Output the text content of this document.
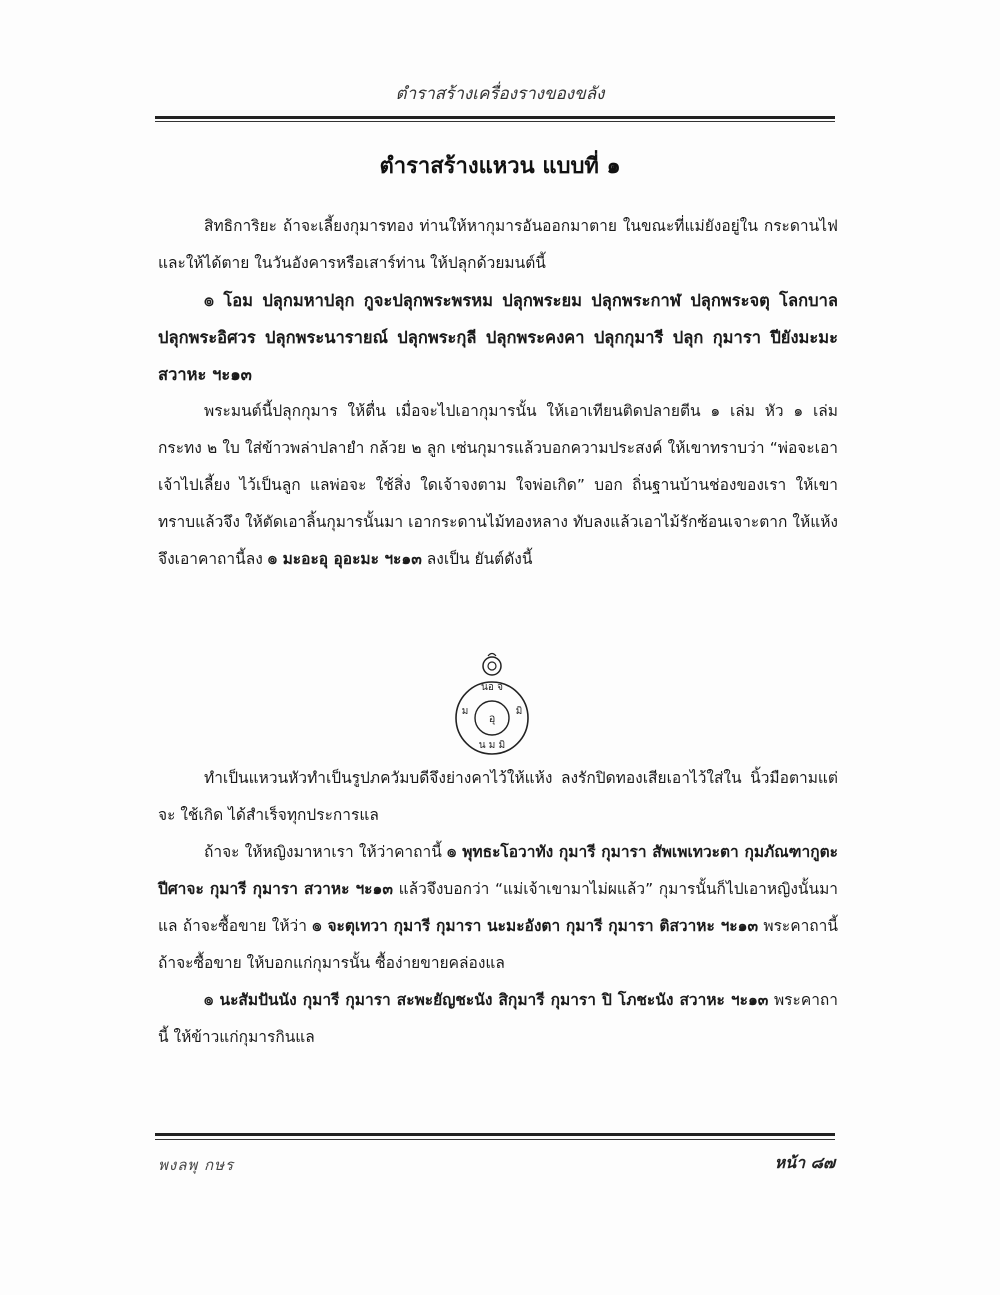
ตำราสร้างเครื่องรางของขลัง
ตำราสร้างแหวน แบบที่ ๑

สิทธิการิยะ ถ้าจะเลี้ยงกุมารทอง ท่านให้หากุมารอันออกมาตาย ในขณะที่แม่ยังอยู่ใน กระดานไฟ และให้ได้ตาย ในวันอังคารหรือเสาร์ท่าน ให้ปลุกด้วยมนต์นี้

๏ โอม ปลุกมหาปลุก กูจะปลุกพระพรหม ปลุกพระยม ปลุกพระกาฬ ปลุกพระจตุ โลกบาล ปลุกพระอิศวร ปลุกพระนารายณ์ ปลุกพระกุลี ปลุกพระคงคา ปลุกกุมารี ปลุก กุมารา ปียังมะมะ สวาหะ ฯะ๑๓

พระมนต์นี้ปลุกกุมาร ให้ตื่น เมื่อจะไปเอากุมารนั้น ให้เอาเทียนติดปลายตีน ๑ เล่ม หัว ๑ เล่ม กระทง ๒ ใบ ใส่ข้าวพล่าปลายำ กล้วย ๒ ลูก เซ่นกุมารแล้วบอกความประสงค์ ให้เขาทราบว่า “พ่อจะเอาเจ้าไปเลี้ยง ไว้เป็นลูก แลพ่อจะ ใช้สิ่ง ใดเจ้าจงตาม ใจพ่อเกิด” บอก ถิ่นฐานบ้านช่องของเรา ให้เขาทราบแล้วจึง ให้ตัดเอาลิ้นกุมารนั้นมา เอากระดานไม้ทองหลาง ทับลงแล้วเอาไม้รักซ้อนเจาะตาก ให้แห้ง จึงเอาคาถานี้ลง ๏ มะอะอุ อุอะมะ ฯะ๑๓ ลงเป็น ยันต์ดังนี้

นอ จ
ม	มิ
อุ
น ม มิ

ทำเป็นแหวนหัวทำเป็นรูปภควัมบดีจึงย่างคาไว้ให้แห้ง ลงรักปิดทองเสียเอาไว้ใส่ใน นิ้วมือตามแต่จะ ใช้เกิด ได้สำเร็จทุกประการแล

ถ้าจะ ให้หญิงมาหาเรา ให้ว่าคาถานี้ ๏ พุทธะโอวาทัง กุมารี กุมารา สัพเพเทวะตา กุมภัณฑากูตะปีศาจะ กุมารี กุมารา สวาหะ ฯะ๑๓ แล้วจึงบอกว่า “แม่เจ้าเขามาไม่ผแล้ว” กุมารนั้นก็ไปเอาหญิงนั้นมาแล ถ้าจะซื้อขาย ให้ว่า ๏ จะตุเทวา กุมารี กุมารา นะมะอังตา กุมารี กุมารา ติสวาหะ ฯะ๑๓ พระคาถานี้ถ้าจะซื้อขาย ให้บอกแก่กุมารนั้น ซื้อง่ายขายคล่องแล

๏ นะสัมปันนัง กุมารี กุมารา สะพะยัญชะนัง สิกุมารี กุมารา ปิ โภชะนัง สวาหะ ฯะ๑๓ พระคาถานี้ ให้ข้าวแก่กุมารกินแล

พงลพุ กษร	หน้า ๘๗
